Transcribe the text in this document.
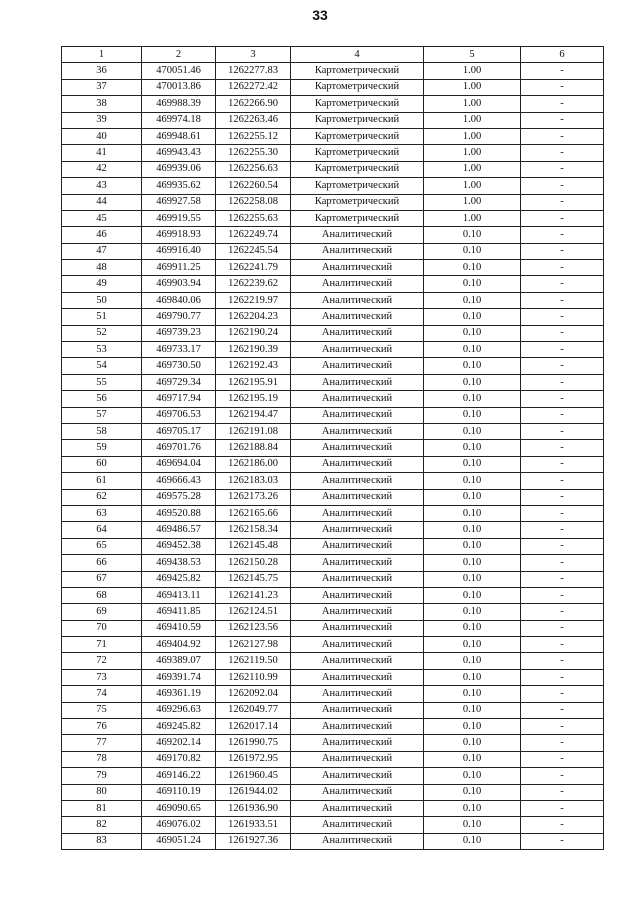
33
1	2	3	4	5	6
36	470051.46	1262277.83	Картометрический	1.00	-
37	470013.86	1262272.42	Картометрический	1.00	-
38	469988.39	1262266.90	Картометрический	1.00	-
39	469974.18	1262263.46	Картометрический	1.00	-
40	469948.61	1262255.12	Картометрический	1.00	-
41	469943.43	1262255.30	Картометрический	1.00	-
42	469939.06	1262256.63	Картометрический	1.00	-
43	469935.62	1262260.54	Картометрический	1.00	-
44	469927.58	1262258.08	Картометрический	1.00	-
45	469919.55	1262255.63	Картометрический	1.00	-
46	469918.93	1262249.74	Аналитический	0.10	-
47	469916.40	1262245.54	Аналитический	0.10	-
48	469911.25	1262241.79	Аналитический	0.10	-
49	469903.94	1262239.62	Аналитический	0.10	-
50	469840.06	1262219.97	Аналитический	0.10	-
51	469790.77	1262204.23	Аналитический	0.10	-
52	469739.23	1262190.24	Аналитический	0.10	-
53	469733.17	1262190.39	Аналитический	0.10	-
54	469730.50	1262192.43	Аналитический	0.10	-
55	469729.34	1262195.91	Аналитический	0.10	-
56	469717.94	1262195.19	Аналитический	0.10	-
57	469706.53	1262194.47	Аналитический	0.10	-
58	469705.17	1262191.08	Аналитический	0.10	-
59	469701.76	1262188.84	Аналитический	0.10	-
60	469694.04	1262186.00	Аналитический	0.10	-
61	469666.43	1262183.03	Аналитический	0.10	-
62	469575.28	1262173.26	Аналитический	0.10	-
63	469520.88	1262165.66	Аналитический	0.10	-
64	469486.57	1262158.34	Аналитический	0.10	-
65	469452.38	1262145.48	Аналитический	0.10	-
66	469438.53	1262150.28	Аналитический	0.10	-
67	469425.82	1262145.75	Аналитический	0.10	-
68	469413.11	1262141.23	Аналитический	0.10	-
69	469411.85	1262124.51	Аналитический	0.10	-
70	469410.59	1262123.56	Аналитический	0.10	-
71	469404.92	1262127.98	Аналитический	0.10	-
72	469389.07	1262119.50	Аналитический	0.10	-
73	469391.74	1262110.99	Аналитический	0.10	-
74	469361.19	1262092.04	Аналитический	0.10	-
75	469296.63	1262049.77	Аналитический	0.10	-
76	469245.82	1262017.14	Аналитический	0.10	-
77	469202.14	1261990.75	Аналитический	0.10	-
78	469170.82	1261972.95	Аналитический	0.10	-
79	469146.22	1261960.45	Аналитический	0.10	-
80	469110.19	1261944.02	Аналитический	0.10	-
81	469090.65	1261936.90	Аналитический	0.10	-
82	469076.02	1261933.51	Аналитический	0.10	-
83	469051.24	1261927.36	Аналитический	0.10	-
